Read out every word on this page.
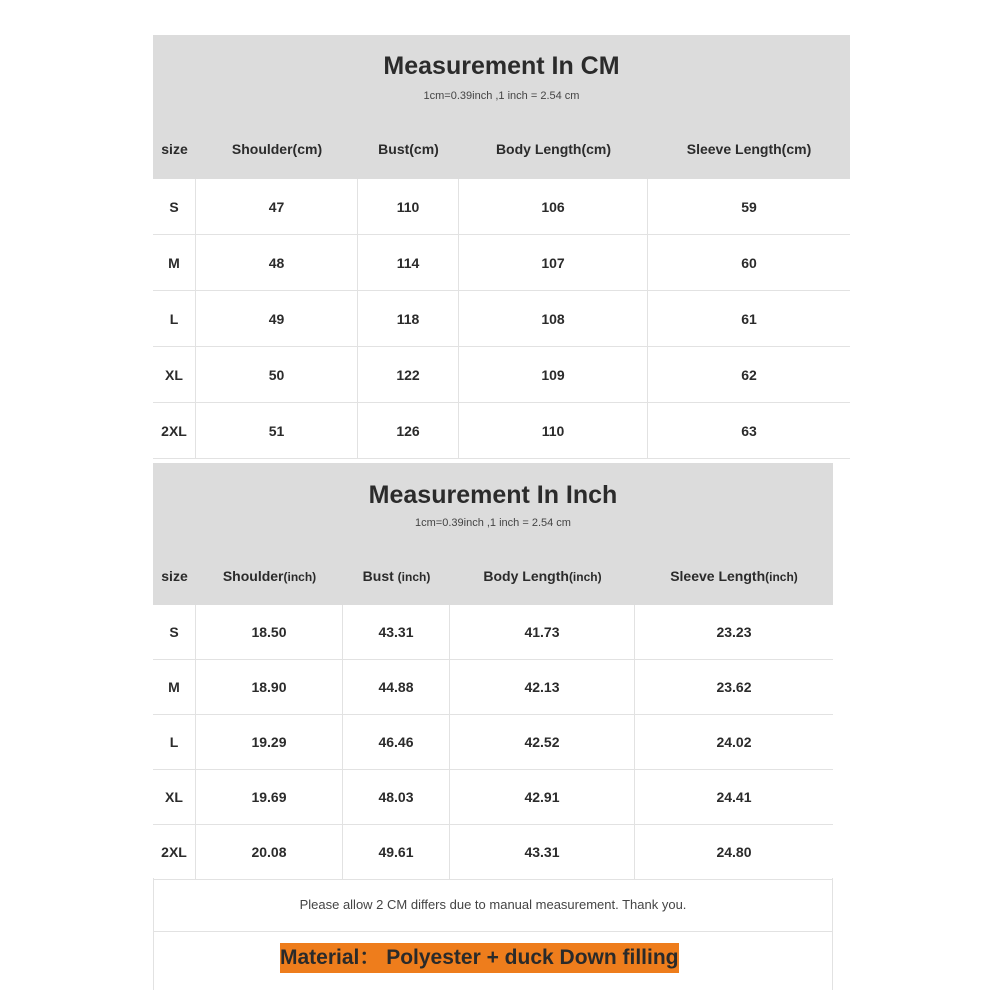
Measurement In CM
1cm=0.39inch ,1 inch = 2.54 cm
size	Shoulder(cm)	Bust(cm)	Body Length(cm)	Sleeve Length(cm)
S	47	110	106	59
M	48	114	107	60
L	49	118	108	61
XL	50	122	109	62
2XL	51	126	110	63
Measurement In Inch
1cm=0.39inch ,1 inch = 2.54 cm
size	Shoulder(inch)	Bust (inch)	Body Length(inch)	Sleeve Length(inch)
S	18.50	43.31	41.73	23.23
M	18.90	44.88	42.13	23.62
L	19.29	46.46	42.52	24.02
XL	19.69	48.03	42.91	24.41
2XL	20.08	49.61	43.31	24.80
Please allow 2 CM differs due to manual measurement. Thank you.
Material： Polyester + duck Down filling
